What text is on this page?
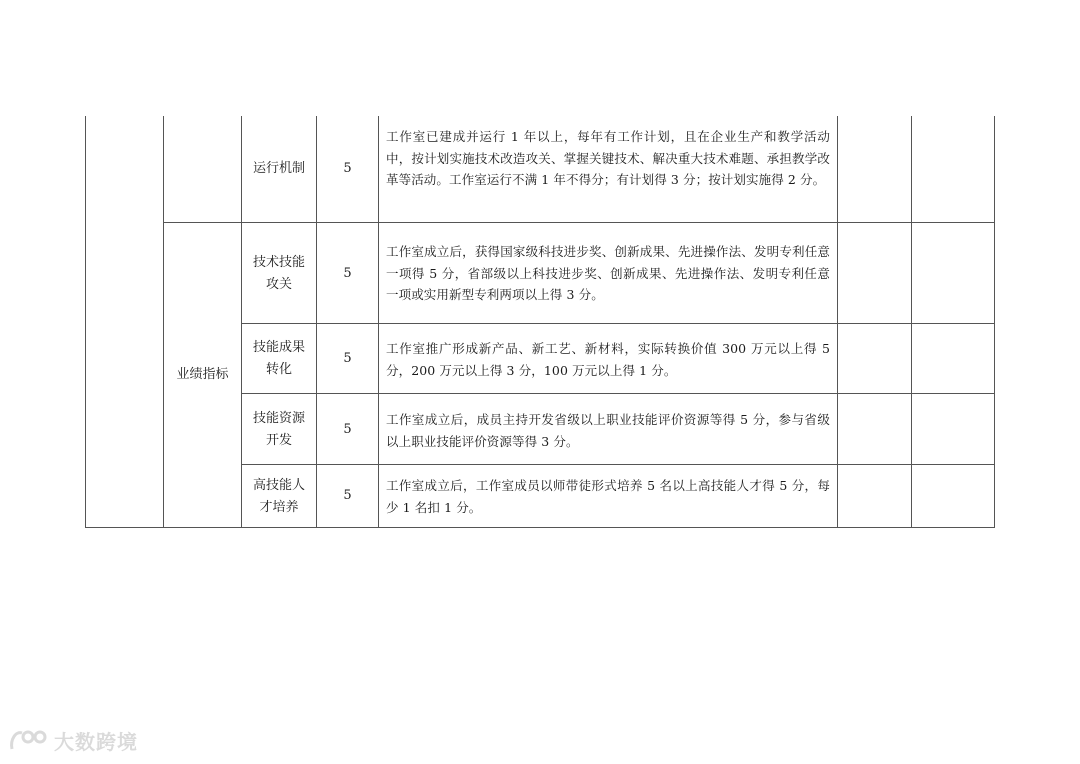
业绩指标
运行机制	5
工作室已建成并运行 1 年以上，每年有工作计划，且在企业生产和教学活动中，按计划实施技术改造攻关、掌握关键技术、解决重大技术难题、承担教学改革等活动。工作室运行不满 1 年不得分；有计划得 3 分；按计划实施得 2 分。
技术技能攻关
5
工作室成立后，获得国家级科技进步奖、创新成果、先进操作法、发明专利任意一项得 5 分，省部级以上科技进步奖、创新成果、先进操作法、发明专利任意一项或实用新型专利两项以上得 3 分。
技能成果转化
5
工作室推广形成新产品、新工艺、新材料，实际转换价值 300 万元以上得 5 分，200 万元以上得 3 分，100 万元以上得 1 分。
技能资源开发
5
工作室成立后，成员主持开发省级以上职业技能评价资源等得 5 分，参与省级以上职业技能评价资源等得 3 分。
高技能人才培养
5
工作室成立后，工作室成员以师带徒形式培养 5 名以上高技能人才得 5 分，每少 1 名扣 1 分。
大数跨境
